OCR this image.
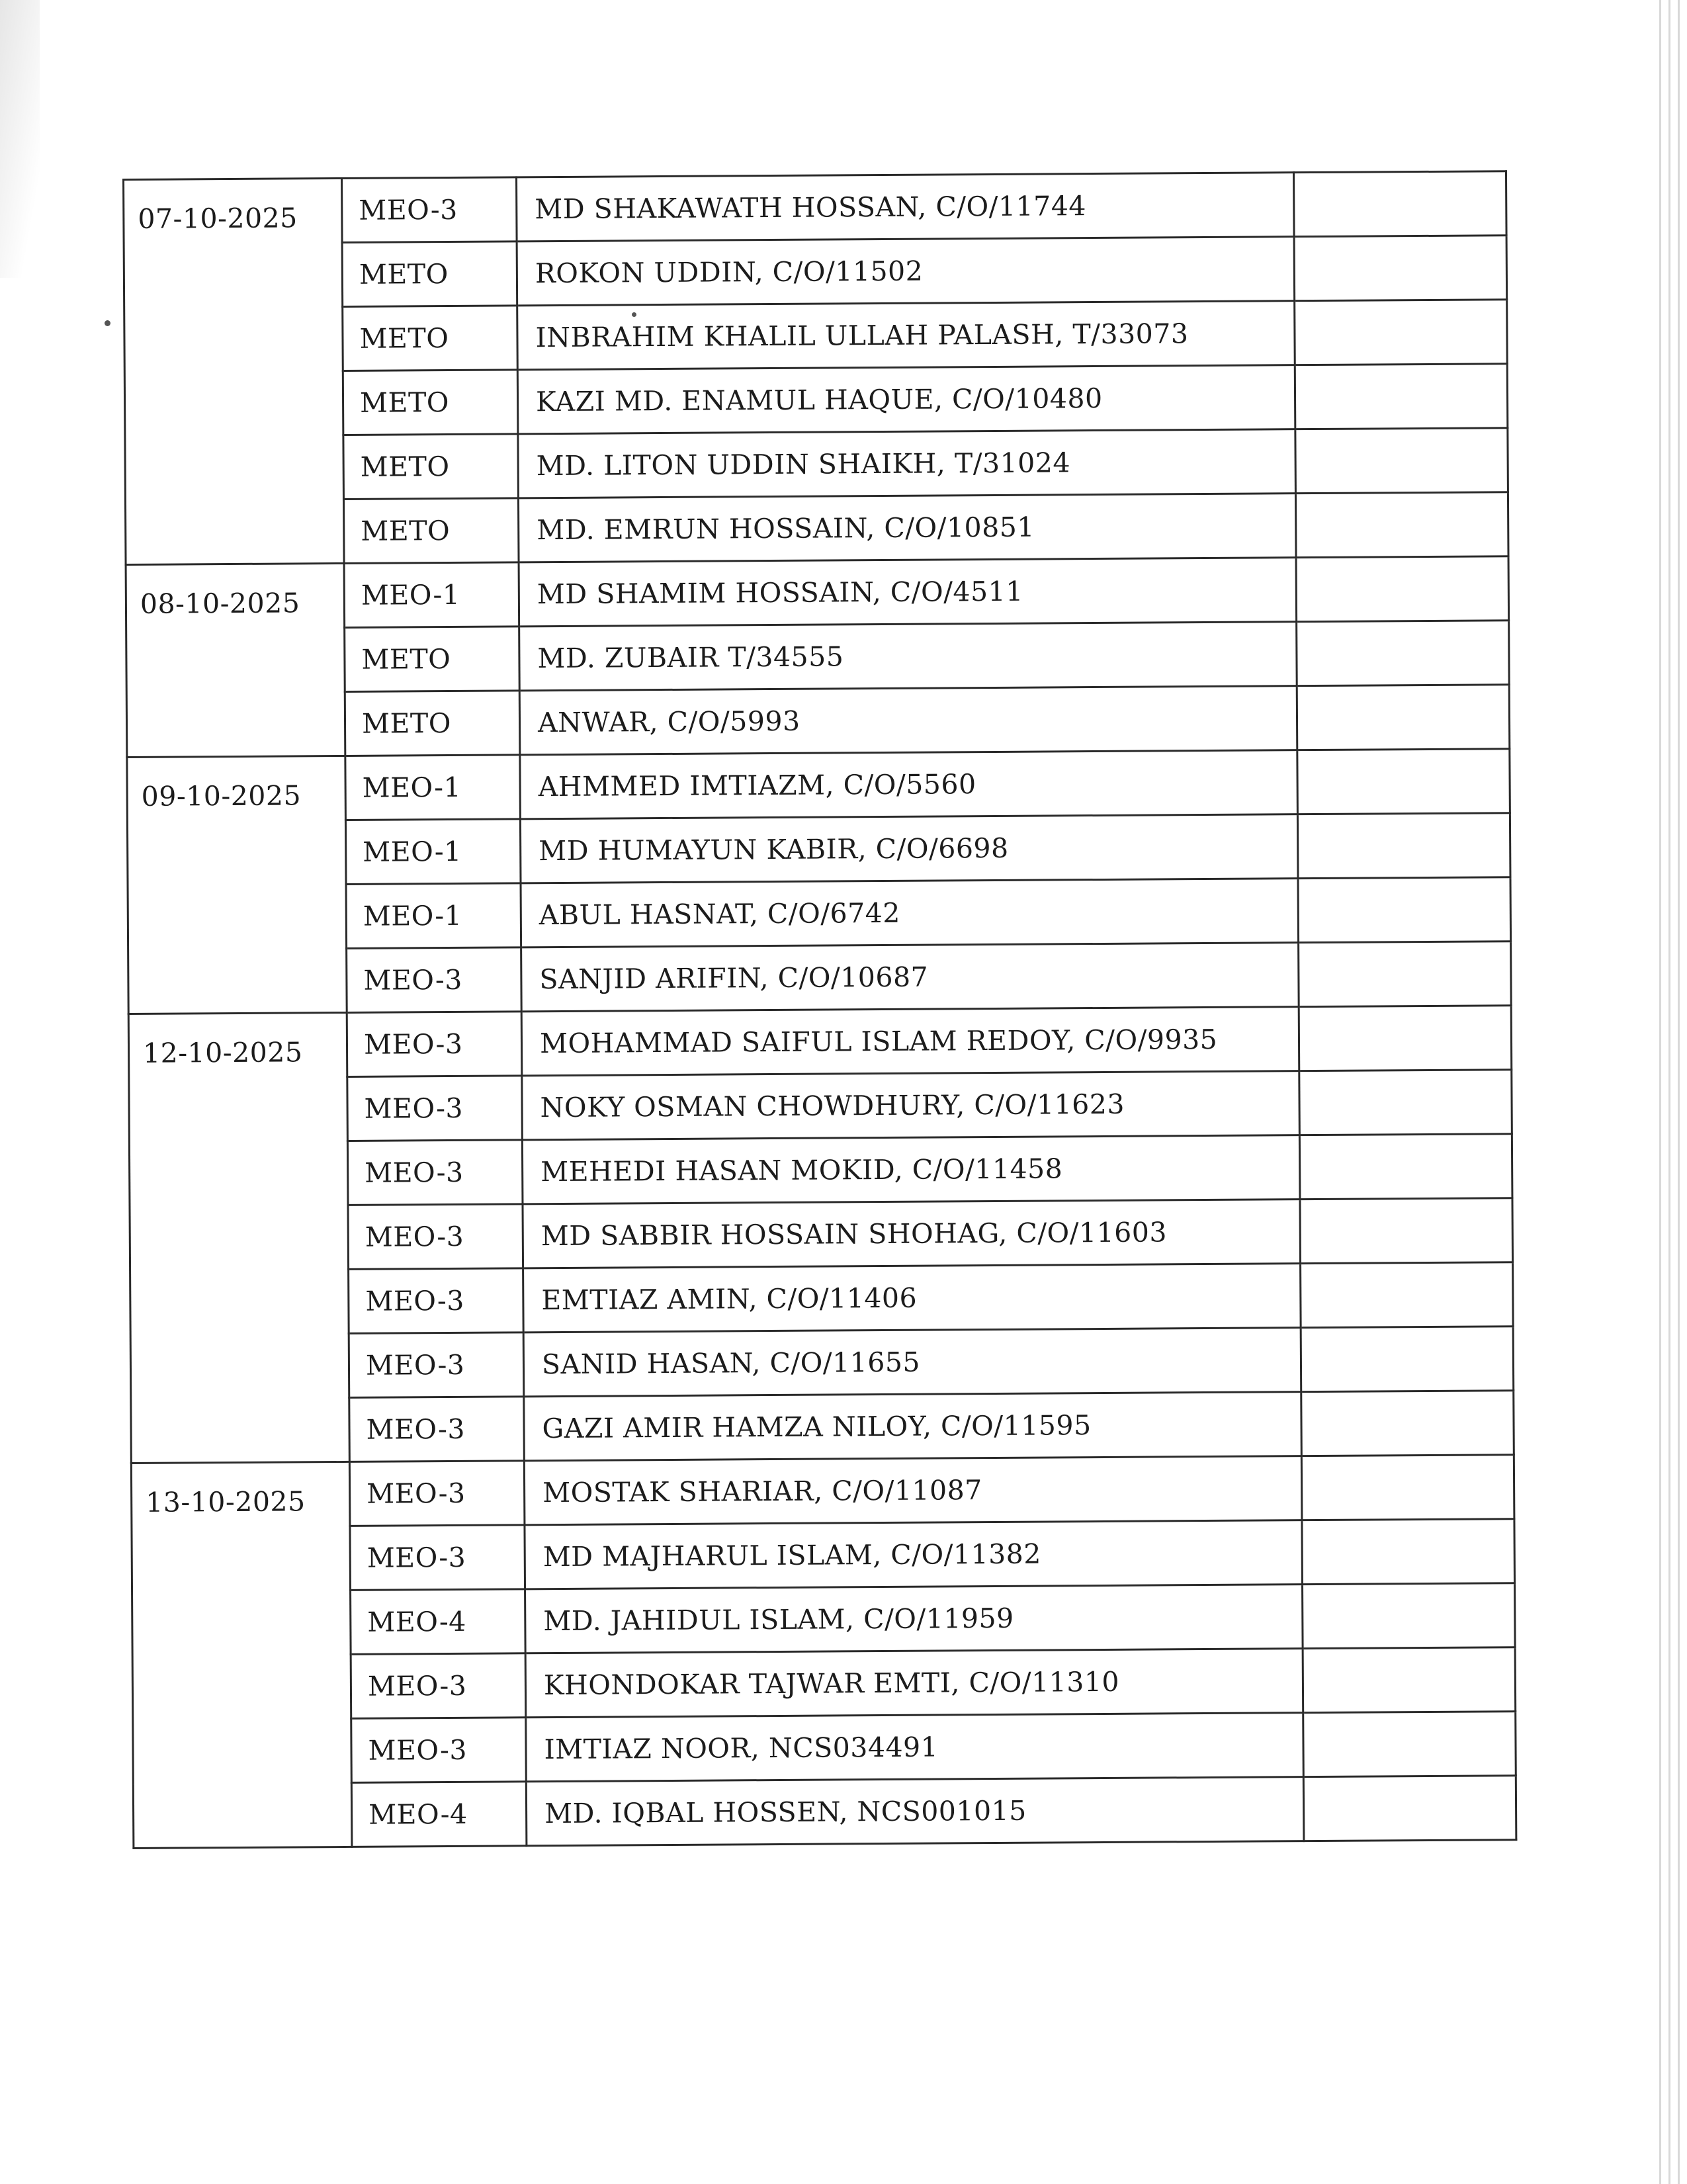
07-10-2025	MEO-3	MD SHAKAWATH HOSSAN, C/O/11744	
	METO	ROKON UDDIN, C/O/11502	
	METO	INBRAHIM KHALIL ULLAH PALASH, T/33073	
	METO	KAZI MD. ENAMUL HAQUE, C/O/10480	
	METO	MD. LITON UDDIN SHAIKH, T/31024	
	METO	MD. EMRUN HOSSAIN, C/O/10851	
08-10-2025	MEO-1	MD SHAMIM HOSSAIN, C/O/4511	
	METO	MD. ZUBAIR T/34555	
	METO	ANWAR, C/O/5993	
09-10-2025	MEO-1	AHMMED IMTIAZM, C/O/5560	
	MEO-1	MD HUMAYUN KABIR, C/O/6698	
	MEO-1	ABUL HASNAT, C/O/6742	
	MEO-3	SANJID ARIFIN, C/O/10687	
12-10-2025	MEO-3	MOHAMMAD SAIFUL ISLAM REDOY, C/O/9935	
	MEO-3	NOKY OSMAN CHOWDHURY, C/O/11623	
	MEO-3	MEHEDI HASAN MOKID, C/O/11458	
	MEO-3	MD SABBIR HOSSAIN SHOHAG, C/O/11603	
	MEO-3	EMTIAZ AMIN, C/O/11406	
	MEO-3	SANID HASAN, C/O/11655	
	MEO-3	GAZI AMIR HAMZA NILOY, C/O/11595	
13-10-2025	MEO-3	MOSTAK SHARIAR, C/O/11087	
	MEO-3	MD MAJHARUL ISLAM, C/O/11382	
	MEO-4	MD. JAHIDUL ISLAM, C/O/11959	
	MEO-3	KHONDOKAR TAJWAR EMTI, C/O/11310	
	MEO-3	IMTIAZ NOOR, NCS034491	
	MEO-4	MD. IQBAL HOSSEN, NCS001015	
